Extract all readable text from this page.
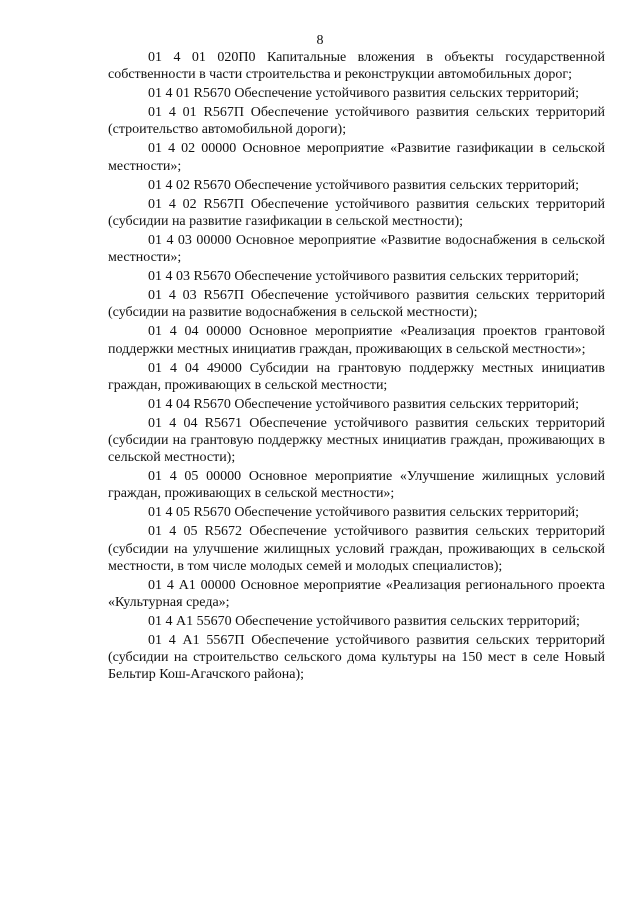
8

01 4 01 020П0 Капитальные вложения в объекты государственной собственности в части строительства и реконструкции автомобильных дорог;

01 4 01 R5670 Обеспечение устойчивого развития сельских территорий;

01 4 01 R567П Обеспечение устойчивого развития сельских территорий (строительство автомобильной дороги);

01 4 02 00000 Основное мероприятие «Развитие газификации в сельской местности»;

01 4 02 R5670 Обеспечение устойчивого развития сельских территорий;

01 4 02 R567П Обеспечение устойчивого развития сельских территорий (субсидии на развитие газификации в сельской местности);

01 4 03 00000 Основное мероприятие «Развитие водоснабжения в сельской местности»;

01 4 03 R5670 Обеспечение устойчивого развития сельских территорий;

01 4 03 R567П Обеспечение устойчивого развития сельских территорий (субсидии на развитие водоснабжения в сельской местности);

01 4 04 00000 Основное мероприятие «Реализация проектов грантовой поддержки местных инициатив граждан, проживающих в сельской местности»;

01 4 04 49000 Субсидии на грантовую поддержку местных инициатив граждан, проживающих в сельской местности;

01 4 04 R5670 Обеспечение устойчивого развития сельских территорий;

01 4 04 R5671 Обеспечение устойчивого развития сельских территорий (субсидии на грантовую поддержку местных инициатив граждан, проживающих в сельской местности);

01 4 05 00000 Основное мероприятие «Улучшение жилищных условий граждан, проживающих в сельской местности»;

01 4 05 R5670 Обеспечение устойчивого развития сельских территорий;

01 4 05 R5672 Обеспечение устойчивого развития сельских территорий (субсидии на улучшение жилищных условий граждан, проживающих в сельской местности, в том числе молодых семей и молодых специалистов);

01 4 А1 00000 Основное мероприятие «Реализация регионального проекта «Культурная среда»;

01 4 А1 55670 Обеспечение устойчивого развития сельских территорий;

01 4 А1 5567П Обеспечение устойчивого развития сельских территорий (субсидии на строительство сельского дома культуры на 150 мест в селе Новый Бельтир Кош-Агачского района);
